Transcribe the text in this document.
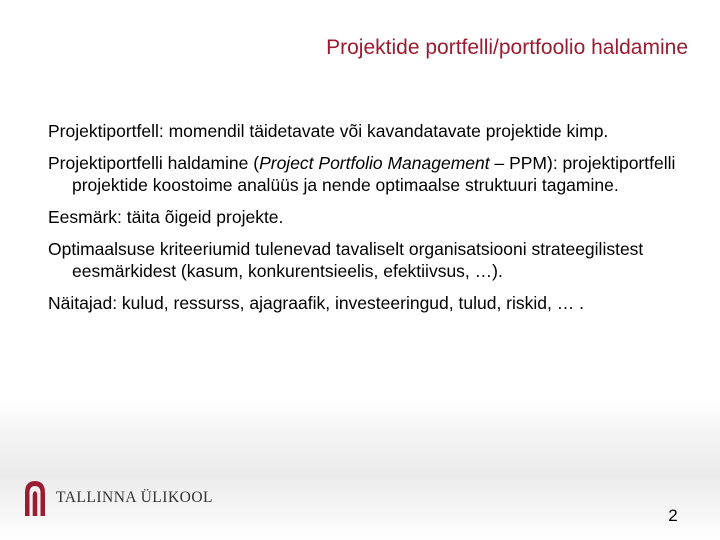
Projektide portfelli/portfoolio haldamine

Projektiportfell: momendil täidetavate või kavandatavate projektide kimp.

Projektiportfelli haldamine (Project Portfolio Management – PPM): projektiportfelli projektide koostoime analüüs ja nende optimaalse struktuuri tagamine.

Eesmärk: täita õigeid projekte.

Optimaalsuse kriteeriumid tulenevad tavaliselt organisatsiooni strateegilistest eesmärkidest (kasum, konkurentsieelis, efektiivsus, …).

Näitajad: kulud, ressurss, ajagraafik, investeeringud, tulud, riskid, … .

TALLINNA ÜLIKOOL
2
